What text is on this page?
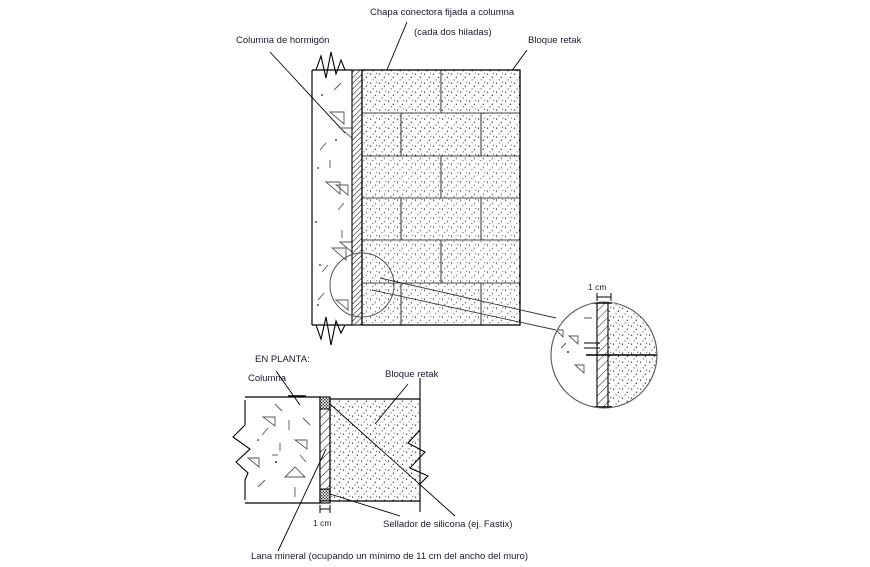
Columna de hormigón
Chapa conectora fijada a columna
(cada dos hiladas)
Bloque retak
1 cm
EN PLANTA:
Columna	Bloque retak
1 cm	Sellador de silicona (ej. Fastix)
Lana mineral (ocupando un mínimo de 11 cm del ancho del muro)
